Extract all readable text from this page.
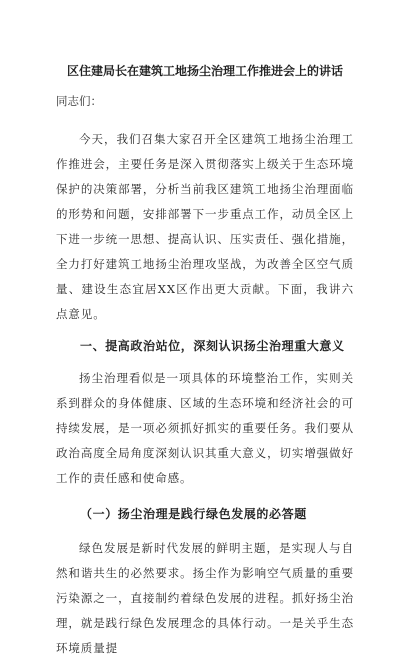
区住建局长在建筑工地扬尘治理工作推进会上的讲话
同志们：

今天，我们召集大家召开全区建筑工地扬尘治理工作推进会，主要任务是深入贯彻落实上级关于生态环境保护的决策部署，分析当前我区建筑工地扬尘治理面临的形势和问题，安排部署下一步重点工作，动员全区上下进一步统一思想、提高认识、压实责任、强化措施，全力打好建筑工地扬尘治理攻坚战，为改善全区空气质量、建设生态宜居XX区作出更大贡献。下面，我讲六点意见。

一、提高政治站位，深刻认识扬尘治理重大意义

扬尘治理看似是一项具体的环境整治工作，实则关系到群众的身体健康、区域的生态环境和经济社会的可持续发展，是一项必须抓好抓实的重要任务。我们要从政治高度全局角度深刻认识其重大意义，切实增强做好工作的责任感和使命感。

（一）扬尘治理是践行绿色发展的必答题

绿色发展是新时代发展的鲜明主题，是实现人与自然和谐共生的必然要求。扬尘作为影响空气质量的重要污染源之一，直接制约着绿色发展的进程。抓好扬尘治理，就是践行绿色发展理念的具体行动。一是关乎生态环境质量提
